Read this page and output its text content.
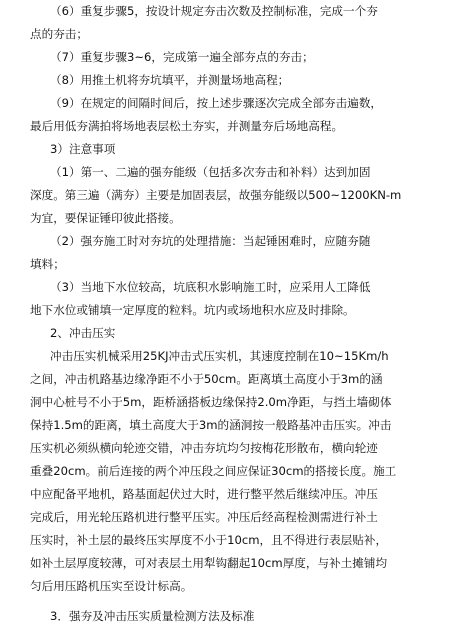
（6）重复步骤5，按设计规定夯击次数及控制标准，完成一个夯
点的夯击；
（7）重复步骤3~6，完成第一遍全部夯点的夯击；
（8）用推土机将夯坑填平，并测量场地高程；
（9）在规定的间隔时间后，按上述步骤逐次完成全部夯击遍数，
最后用低夯满拍将场地表层松土夯实，并测量夯后场地高程。
3）注意事项
（1）第一、二遍的强夯能级（包括多次夯击和补料）达到加固
深度。第三遍（满夯）主要是加固表层，故强夯能级以500~1200KN-m
为宜，要保证锤印彼此搭接。
（2）强夯施工时对夯坑的处理措施：当起锤困难时，应随夯随
填料；
（3）当地下水位较高，坑底积水影响施工时，应采用人工降低
地下水位或铺填一定厚度的粒料。坑内或场地积水应及时排除。
2、冲击压实
冲击压实机械采用25KJ冲击式压实机，其速度控制在10~15Km/h
之间，冲击机路基边缘净距不小于50cm。距离填土高度小于3m的涵
洞中心桩号不小于5m，距桥涵搭板边缘保持2.0m净距，与挡土墙砌体
保持1.5m的距离，填土高度大于3m的涵洞按一般路基冲击压实。冲击
压实机必须纵横向轮迹交错，冲击夯坑均匀按梅花形散布，横向轮迹
重叠20cm。前后连接的两个冲压段之间应保证30cm的搭接长度。施工
中应配备平地机，路基面起伏过大时，进行整平然后继续冲压。冲压
完成后，用光轮压路机进行整平压实。冲压后经高程检测需进行补土
压实时，补土层的最终压实厚度不小于10cm，且不得进行表层贴补，
如补土层厚度较薄，可对表层土用犁钩翻起10cm厚度，与补土摊铺均
匀后用压路机压实至设计标高。
3．强夯及冲击压实质量检测方法及标准
